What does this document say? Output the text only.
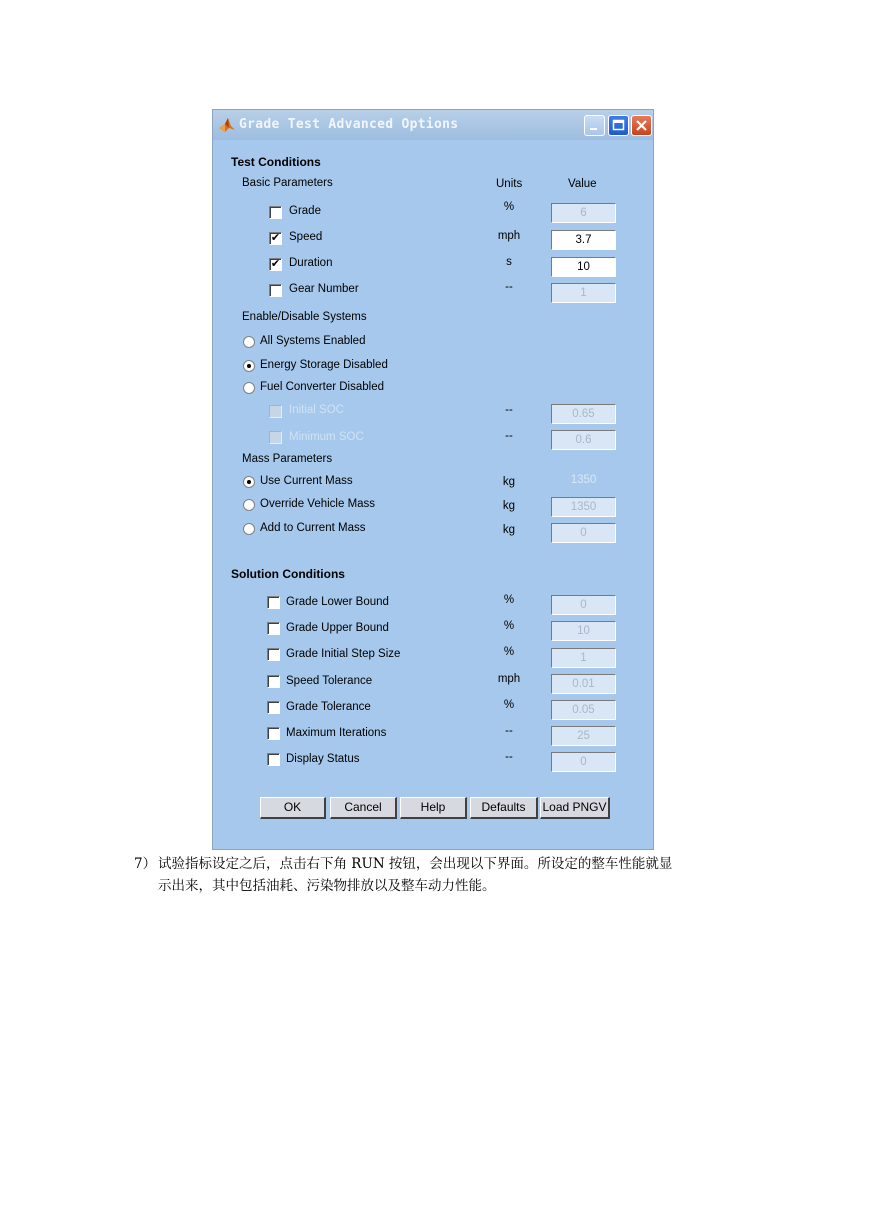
Grade Test Advanced Options
Test Conditions
Basic Parameters	Units	Value
Grade	%	6
✔ Speed	mph	3.7
✔ Duration	s	10
Gear Number	--	1
Enable/Disable Systems
All Systems Enabled
Energy Storage Disabled
Fuel Converter Disabled
Initial SOC	--	0.65
Minimum SOC	--	0.6
Mass Parameters
Use Current Mass	kg	1350
Override Vehicle Mass	kg	1350
Add to Current Mass	kg	0
Solution Conditions
Grade Lower Bound	%	0
Grade Upper Bound	%	10
Grade Initial Step Size	%	1
Speed Tolerance	mph	0.01
Grade Tolerance	%	0.05
Maximum Iterations	--	25
Display Status	--	0
OK	Cancel	Help	Defaults	Load PNGV
7） 试验指标设定之后，点击右下角 RUN 按钮，会出现以下界面。所设定的整车性能就显
示出来，其中包括油耗、污染物排放以及整车动力性能。
